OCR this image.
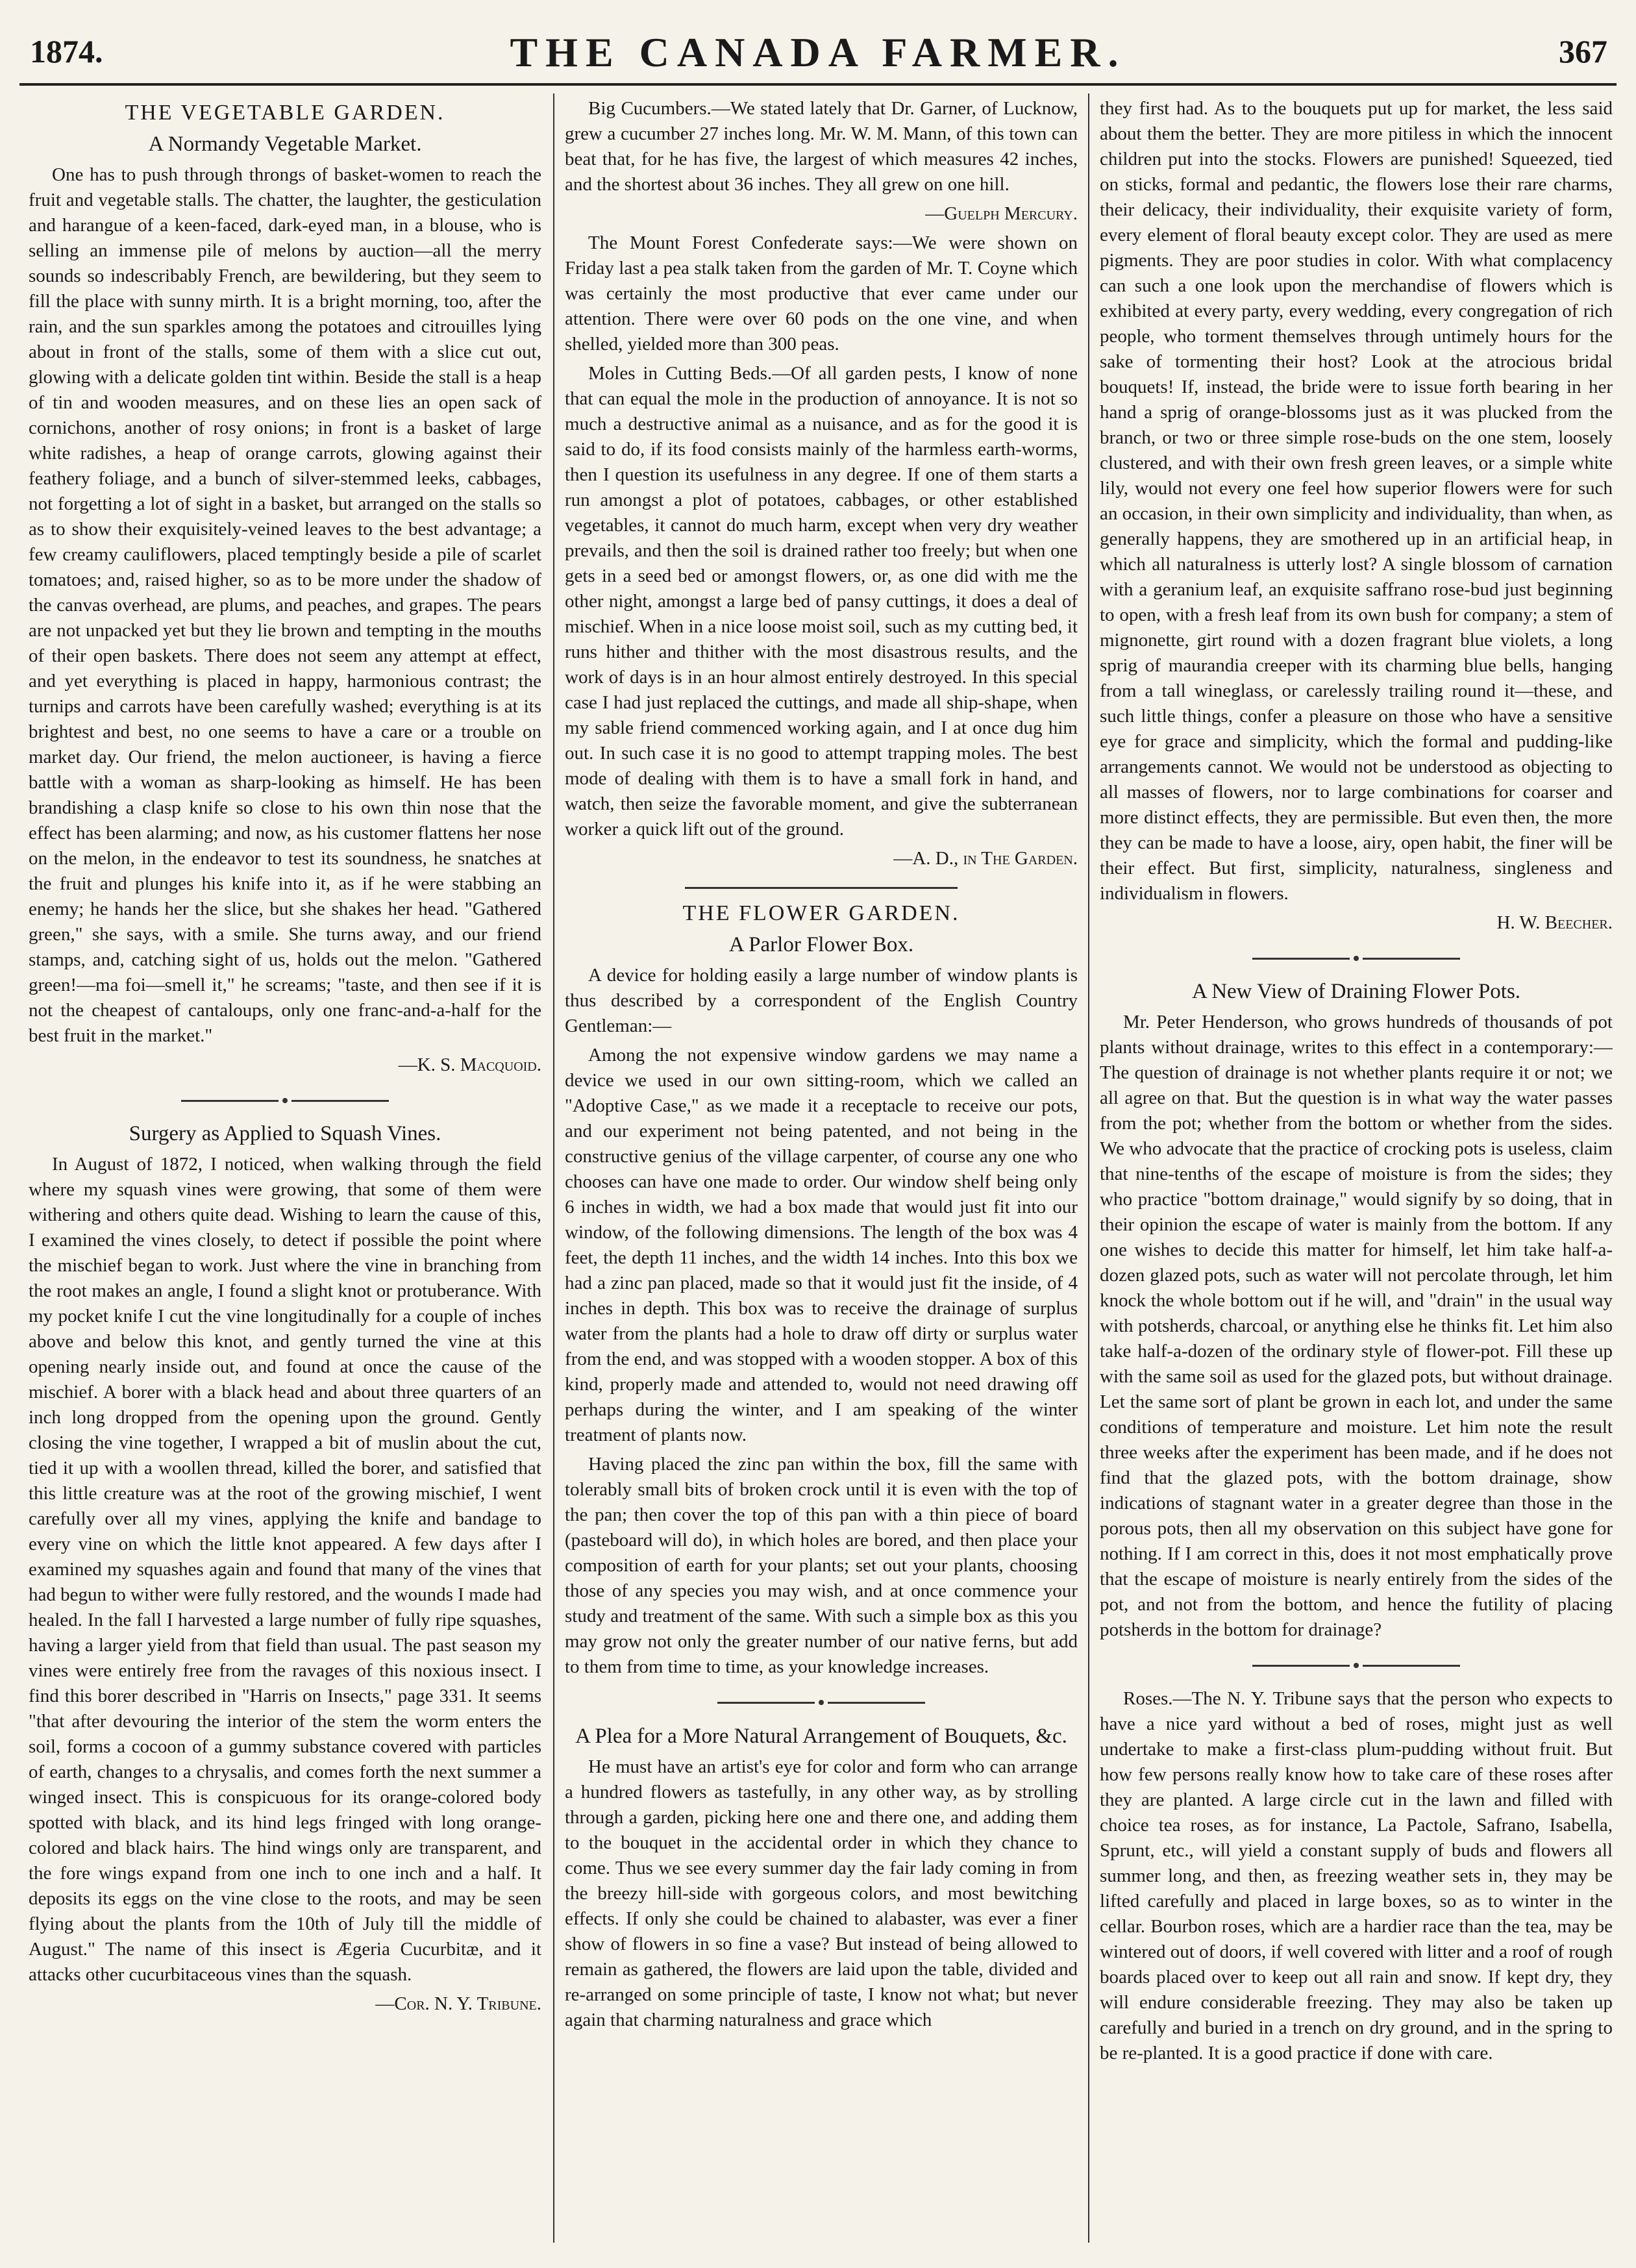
1874.	THE CANADA FARMER.	367
THE VEGETABLE GARDEN.
A Normandy Vegetable Market.

One has to push through throngs of basket-women to reach the fruit and vegetable stalls. The chatter, the laughter, the gesticulation and harangue of a keen-faced, dark-eyed man, in a blouse, who is selling an immense pile of melons by auction—all the merry sounds so indescribably French, are bewildering, but they seem to fill the place with sunny mirth. It is a bright morning, too, after the rain, and the sun sparkles among the potatoes and citrouilles lying about in front of the stalls, some of them with a slice cut out, glowing with a delicate golden tint within. Beside the stall is a heap of tin and wooden measures, and on these lies an open sack of cornichons, another of rosy onions; in front is a basket of large white radishes, a heap of orange carrots, glowing against their feathery foliage, and a bunch of silver-stemmed leeks, cabbages, not forgetting a lot of sight in a basket, but arranged on the stalls so as to show their exquisitely-veined leaves to the best advantage; a few creamy cauliflowers, placed temptingly beside a pile of scarlet tomatoes; and, raised higher, so as to be more under the shadow of the canvas overhead, are plums, and peaches, and grapes. The pears are not unpacked yet but they lie brown and tempting in the mouths of their open baskets. There does not seem any attempt at effect, and yet everything is placed in happy, harmonious contrast; the turnips and carrots have been carefully washed; everything is at its brightest and best, no one seems to have a care or a trouble on market day. Our friend, the melon auctioneer, is having a fierce battle with a woman as sharp-looking as himself. He has been brandishing a clasp knife so close to his own thin nose that the effect has been alarming; and now, as his customer flattens her nose on the melon, in the endeavor to test its soundness, he snatches at the fruit and plunges his knife into it, as if he were stabbing an enemy; he hands her the slice, but she shakes her head. "Gathered green," she says, with a smile. She turns away, and our friend stamps, and, catching sight of us, holds out the melon. "Gathered green!—ma foi—smell it," he screams; "taste, and then see if it is not the cheapest of cantaloups, only one franc-and-a-half for the best fruit in the market."

—K. S. Macquoid.
Surgery as Applied to Squash Vines.

In August of 1872, I noticed, when walking through the field where my squash vines were growing, that some of them were withering and others quite dead. Wishing to learn the cause of this, I examined the vines closely, to detect if possible the point where the mischief began to work. Just where the vine in branching from the root makes an angle, I found a slight knot or protuberance. With my pocket knife I cut the vine longitudinally for a couple of inches above and below this knot, and gently turned the vine at this opening nearly inside out, and found at once the cause of the mischief. A borer with a black head and about three quarters of an inch long dropped from the opening upon the ground. Gently closing the vine together, I wrapped a bit of muslin about the cut, tied it up with a woollen thread, killed the borer, and satisfied that this little creature was at the root of the growing mischief, I went carefully over all my vines, applying the knife and bandage to every vine on which the little knot appeared. A few days after I examined my squashes again and found that many of the vines that had begun to wither were fully restored, and the wounds I made had healed. In the fall I harvested a large number of fully ripe squashes, having a larger yield from that field than usual. The past season my vines were entirely free from the ravages of this noxious insect. I find this borer described in "Harris on Insects," page 331. It seems "that after devouring the interior of the stem the worm enters the soil, forms a cocoon of a gummy substance covered with particles of earth, changes to a chrysalis, and comes forth the next summer a winged insect. This is conspicuous for its orange-colored body spotted with black, and its hind legs fringed with long orange-colored and black hairs. The hind wings only are transparent, and the fore wings expand from one inch to one inch and a half. It deposits its eggs on the vine close to the roots, and may be seen flying about the plants from the 10th of July till the middle of August." The name of this insect is Ægeria Cucurbitæ, and it attacks other cucurbitaceous vines than the squash.

—Cor. N. Y. Tribune.

Big Cucumbers.—We stated lately that Dr. Garner, of Lucknow, grew a cucumber 27 inches long. Mr. W. M. Mann, of this town can beat that, for he has five, the largest of which measures 42 inches, and the shortest about 36 inches. They all grew on one hill.

—Guelph Mercury.

The Mount Forest Confederate says:—We were shown on Friday last a pea stalk taken from the garden of Mr. T. Coyne which was certainly the most productive that ever came under our attention. There were over 60 pods on the one vine, and when shelled, yielded more than 300 peas.

Moles in Cutting Beds.—Of all garden pests, I know of none that can equal the mole in the production of annoyance. It is not so much a destructive animal as a nuisance, and as for the good it is said to do, if its food consists mainly of the harmless earth-worms, then I question its usefulness in any degree. If one of them starts a run amongst a plot of potatoes, cabbages, or other established vegetables, it cannot do much harm, except when very dry weather prevails, and then the soil is drained rather too freely; but when one gets in a seed bed or amongst flowers, or, as one did with me the other night, amongst a large bed of pansy cuttings, it does a deal of mischief. When in a nice loose moist soil, such as my cutting bed, it runs hither and thither with the most disastrous results, and the work of days is in an hour almost entirely destroyed. In this special case I had just replaced the cuttings, and made all ship-shape, when my sable friend commenced working again, and I at once dug him out. In such case it is no good to attempt trapping moles. The best mode of dealing with them is to have a small fork in hand, and watch, then seize the favorable moment, and give the subterranean worker a quick lift out of the ground.

—A. D., in The Garden.
THE FLOWER GARDEN.
A Parlor Flower Box.

A device for holding easily a large number of window plants is thus described by a correspondent of the English Country Gentleman:—

Among the not expensive window gardens we may name a device we used in our own sitting-room, which we called an "Adoptive Case," as we made it a receptacle to receive our pots, and our experiment not being patented, and not being in the constructive genius of the village carpenter, of course any one who chooses can have one made to order. Our window shelf being only 6 inches in width, we had a box made that would just fit into our window, of the following dimensions. The length of the box was 4 feet, the depth 11 inches, and the width 14 inches. Into this box we had a zinc pan placed, made so that it would just fit the inside, of 4 inches in depth. This box was to receive the drainage of surplus water from the plants had a hole to draw off dirty or surplus water from the end, and was stopped with a wooden stopper. A box of this kind, properly made and attended to, would not need drawing off perhaps during the winter, and I am speaking of the winter treatment of plants now.

Having placed the zinc pan within the box, fill the same with tolerably small bits of broken crock until it is even with the top of the pan; then cover the top of this pan with a thin piece of board (pasteboard will do), in which holes are bored, and then place your composition of earth for your plants; set out your plants, choosing those of any species you may wish, and at once commence your study and treatment of the same. With such a simple box as this you may grow not only the greater number of our native ferns, but add to them from time to time, as your knowledge increases.

A Plea for a More Natural Arrangement of Bouquets, &c.

He must have an artist's eye for color and form who can arrange a hundred flowers as tastefully, in any other way, as by strolling through a garden, picking here one and there one, and adding them to the bouquet in the accidental order in which they chance to come. Thus we see every summer day the fair lady coming in from the breezy hill-side with gorgeous colors, and most bewitching effects. If only she could be chained to alabaster, was ever a finer show of flowers in so fine a vase? But instead of being allowed to remain as gathered, the flowers are laid upon the table, divided and re-arranged on some principle of taste, I know not what; but never again that charming naturalness and grace which

they first had. As to the bouquets put up for market, the less said about them the better. They are more pitiless in which the innocent children put into the stocks. Flowers are punished! Squeezed, tied on sticks, formal and pedantic, the flowers lose their rare charms, their delicacy, their individuality, their exquisite variety of form, every element of floral beauty except color. They are used as mere pigments. They are poor studies in color. With what complacency can such a one look upon the merchandise of flowers which is exhibited at every party, every wedding, every congregation of rich people, who torment themselves through untimely hours for the sake of tormenting their host? Look at the atrocious bridal bouquets! If, instead, the bride were to issue forth bearing in her hand a sprig of orange-blossoms just as it was plucked from the branch, or two or three simple rose-buds on the one stem, loosely clustered, and with their own fresh green leaves, or a simple white lily, would not every one feel how superior flowers were for such an occasion, in their own simplicity and individuality, than when, as generally happens, they are smothered up in an artificial heap, in which all naturalness is utterly lost? A single blossom of carnation with a geranium leaf, an exquisite saffrano rose-bud just beginning to open, with a fresh leaf from its own bush for company; a stem of mignonette, girt round with a dozen fragrant blue violets, a long sprig of maurandia creeper with its charming blue bells, hanging from a tall wineglass, or carelessly trailing round it—these, and such little things, confer a pleasure on those who have a sensitive eye for grace and simplicity, which the formal and pudding-like arrangements cannot. We would not be understood as objecting to all masses of flowers, nor to large combinations for coarser and more distinct effects, they are permissible. But even then, the more they can be made to have a loose, airy, open habit, the finer will be their effect. But first, simplicity, naturalness, singleness and individualism in flowers.

H. W. Beecher.
A New View of Draining Flower Pots.

Mr. Peter Henderson, who grows hundreds of thousands of pot plants without drainage, writes to this effect in a contemporary:—The question of drainage is not whether plants require it or not; we all agree on that. But the question is in what way the water passes from the pot; whether from the bottom or whether from the sides. We who advocate that the practice of crocking pots is useless, claim that nine-tenths of the escape of moisture is from the sides; they who practice "bottom drainage," would signify by so doing, that in their opinion the escape of water is mainly from the bottom. If any one wishes to decide this matter for himself, let him take half-a-dozen glazed pots, such as water will not percolate through, let him knock the whole bottom out if he will, and "drain" in the usual way with potsherds, charcoal, or anything else he thinks fit. Let him also take half-a-dozen of the ordinary style of flower-pot. Fill these up with the same soil as used for the glazed pots, but without drainage. Let the same sort of plant be grown in each lot, and under the same conditions of temperature and moisture. Let him note the result three weeks after the experiment has been made, and if he does not find that the glazed pots, with the bottom drainage, show indications of stagnant water in a greater degree than those in the porous pots, then all my observation on this subject have gone for nothing. If I am correct in this, does it not most emphatically prove that the escape of moisture is nearly entirely from the sides of the pot, and not from the bottom, and hence the futility of placing potsherds in the bottom for drainage?

Roses.—The N. Y. Tribune says that the person who expects to have a nice yard without a bed of roses, might just as well undertake to make a first-class plum-pudding without fruit. But how few persons really know how to take care of these roses after they are planted. A large circle cut in the lawn and filled with choice tea roses, as for instance, La Pactole, Safrano, Isabella, Sprunt, etc., will yield a constant supply of buds and flowers all summer long, and then, as freezing weather sets in, they may be lifted carefully and placed in large boxes, so as to winter in the cellar. Bourbon roses, which are a hardier race than the tea, may be wintered out of doors, if well covered with litter and a roof of rough boards placed over to keep out all rain and snow. If kept dry, they will endure considerable freezing. They may also be taken up carefully and buried in a trench on dry ground, and in the spring to be re-planted. It is a good practice if done with care.
